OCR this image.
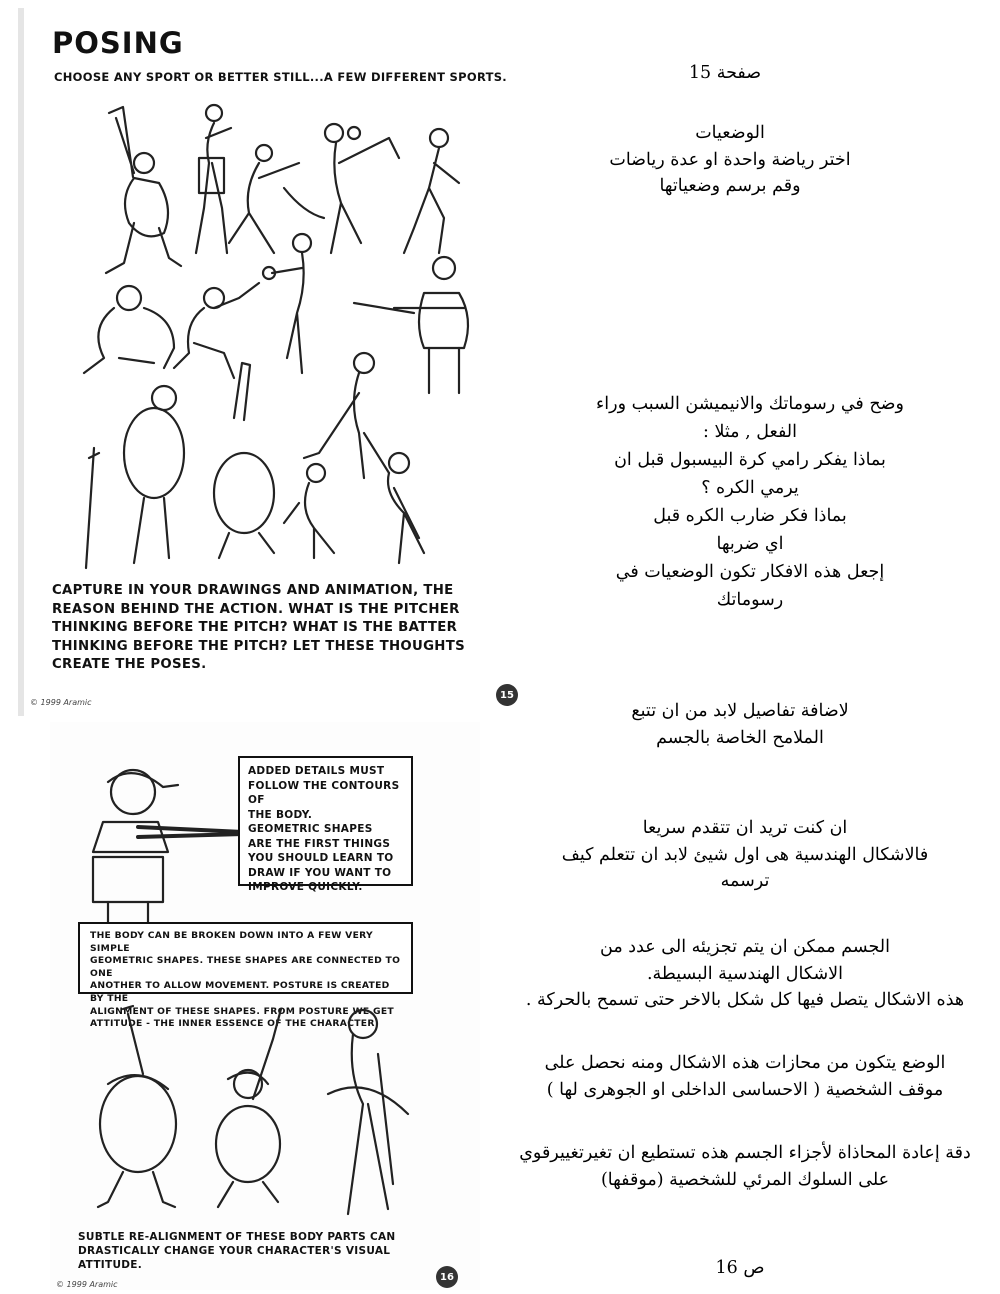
POSING
CHOOSE ANY SPORT OR BETTER STILL...A FEW DIFFERENT SPORTS.
CAPTURE IN YOUR DRAWINGS AND ANIMATION, THE
REASON BEHIND THE ACTION. WHAT IS THE PITCHER
THINKING BEFORE THE PITCH? WHAT IS THE BATTER
THINKING BEFORE THE PITCH? LET THESE THOUGHTS
CREATE THE POSES.
© 1999 Aramic
15
ADDED DETAILS MUST
FOLLOW THE CONTOURS OF
THE BODY.
GEOMETRIC SHAPES
ARE THE FIRST THINGS
YOU SHOULD LEARN TO
DRAW IF YOU WANT TO
IMPROVE QUICKLY.
THE BODY CAN BE BROKEN DOWN INTO A FEW VERY SIMPLE
GEOMETRIC SHAPES. THESE SHAPES ARE CONNECTED TO ONE
ANOTHER TO ALLOW MOVEMENT. POSTURE IS CREATED BY THE
ALIGNMENT OF THESE SHAPES. FROM POSTURE WE GET
ATTITUDE - THE INNER ESSENCE OF THE CHARACTER
SUBTLE RE-ALIGNMENT OF THESE BODY PARTS CAN
DRASTICALLY CHANGE YOUR CHARACTER'S VISUAL ATTITUDE.
© 1999 Aramic
16
صفحة 15
الوضعيات
اختر رياضة واحدة او عدة رياضات
وقم برسم وضعياتها
وضح في رسوماتك والانيميشن السبب وراء
الفعل , مثلا :
بماذا يفكر رامي كرة البيسبول قبل ان
يرمي الكره ؟
بماذا فكر ضارب الكره قبل
اي ضربها
إجعل هذه الافكار تكون الوضعيات في
رسوماتك
لاضافة تفاصيل لابد من ان تتبع
الملامح الخاصة بالجسم
ان كنت تريد ان تتقدم سريعا
فالاشكال الهندسية هى اول شيئ لابد ان تتعلم كيف
ترسمه
الجسم ممكن ان يتم تجزيئه الى عدد من
الاشكال الهندسية البسيطة.
هذه الاشكال يتصل فيها كل شكل بالاخر حتى تسمح بالحركة .
الوضع يتكون من محازات هذه الاشكال ومنه نحصل على
موقف الشخصية ( الاحساسى الداخلى او الجوهرى لها )
دقة إعادة المحاذاة لأجزاء الجسم هذه تستطيع ان تغيرتغييرقوي
على السلوك المرئي للشخصية (موقفها)
ص 16
